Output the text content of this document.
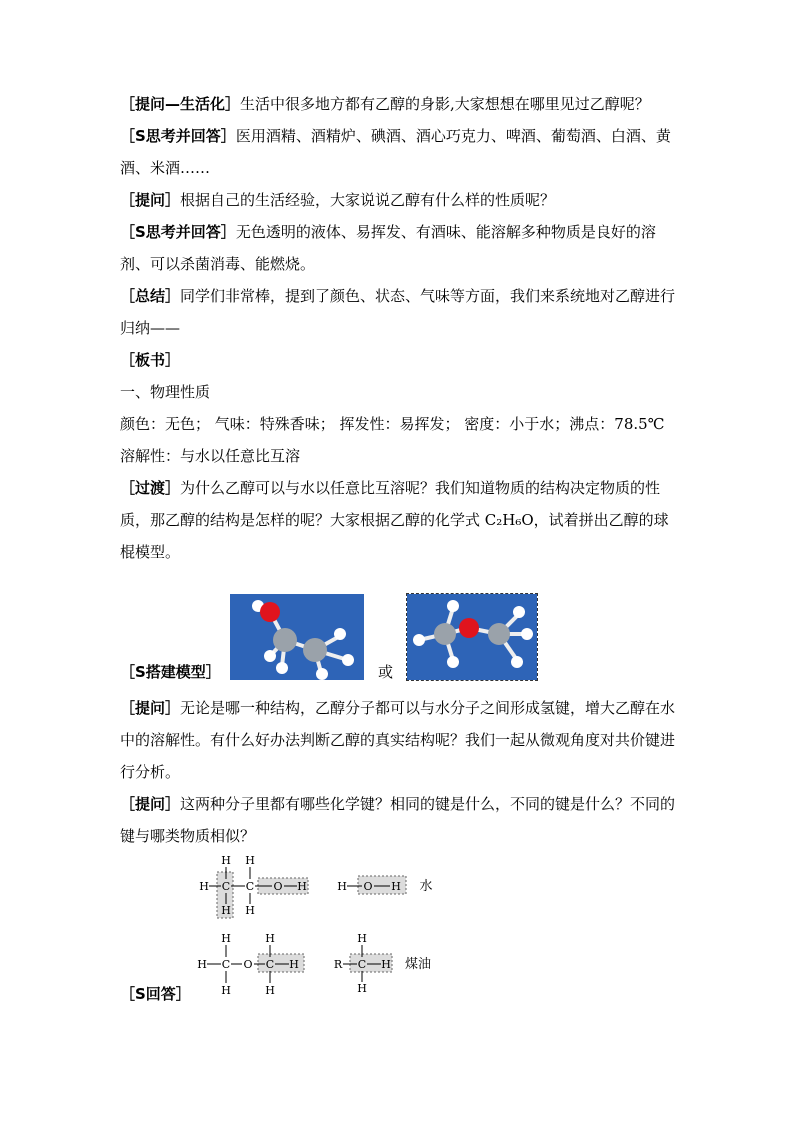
［提问—生活化］生活中很多地方都有乙醇的身影,大家想想在哪里见过乙醇呢？

［S思考并回答］医用酒精、酒精炉、碘酒、酒心巧克力、啤酒、葡萄酒、白酒、黄酒、米酒……

［提问］根据自己的生活经验，大家说说乙醇有什么样的性质呢？

［S思考并回答］无色透明的液体、易挥发、有酒味、能溶解多种物质是良好的溶剂、可以杀菌消毒、能燃烧。

［总结］同学们非常棒，提到了颜色、状态、气味等方面，我们来系统地对乙醇进行归纳——

［板书］

一、物理性质

颜色：无色； 气味：特殊香味； 挥发性：易挥发； 密度：小于水；沸点：78.5℃

溶解性：与水以任意比互溶

［过渡］为什么乙醇可以与水以任意比互溶呢？我们知道物质的结构决定物质的性质，那乙醇的结构是怎样的呢？大家根据乙醇的化学式 C₂H₆O，试着拼出乙醇的球棍模型。

［S搭建模型］	或

［提问］无论是哪一种结构，乙醇分子都可以与水分子之间形成氢键，增大乙醇在水中的溶解性。有什么好办法判断乙醇的真实结构呢？我们一起从微观角度对共价键进行分析。

［提问］这两种分子里都有哪些化学键？相同的键是什么，不同的键是什么？不同的键与哪类物质相似？

H H
H C C O H
H H
H O H 水
H	H
H C O C H
H	H
R
H
C H
H
煤油

［S回答］
